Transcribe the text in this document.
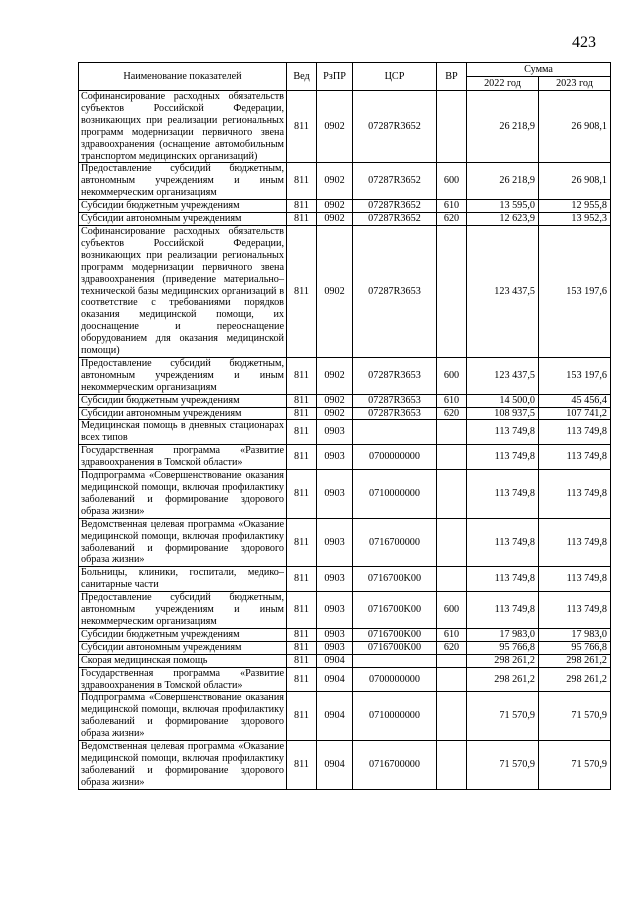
423
Наименование показателей	Вед	РзПР	ЦСР	ВР	Сумма	
					2022 год	2023 год
Софинансирование расходных обязательств субъектов Российской Федерации, возникающих при реализации региональных программ модернизации первичного звена здравоохранения (оснащение автомобильным транспортом медицинских организаций)	811	0902	07287R3652		26 218,9	26 908,1
Предоставление субсидий бюджетным, автономным учреждениям и иным некоммерческим организациям	811	0902	07287R3652	600	26 218,9	26 908,1
Субсидии бюджетным учреждениям	811	0902	07287R3652	610	13 595,0	12 955,8
Субсидии автономным учреждениям	811	0902	07287R3652	620	12 623,9	13 952,3
Софинансирование расходных обязательств субъектов Российской Федерации, возникающих при реализации региональных программ модернизации первичного звена здравоохранения (приведение материально–технической базы медицинских организаций в соответствие с требованиями порядков оказания медицинской помощи, их дооснащение и переоснащение оборудованием для оказания медицинской помощи)	811	0902	07287R3653		123 437,5	153 197,6
Предоставление субсидий бюджетным, автономным учреждениям и иным некоммерческим организациям	811	0902	07287R3653	600	123 437,5	153 197,6
Субсидии бюджетным учреждениям	811	0902	07287R3653	610	14 500,0	45 456,4
Субсидии автономным учреждениям	811	0902	07287R3653	620	108 937,5	107 741,2
Медицинская помощь в дневных стационарах всех типов	811	0903			113 749,8	113 749,8
Государственная программа «Развитие здравоохранения в Томской области»	811	0903	0700000000		113 749,8	113 749,8
Подпрограмма «Совершенствование оказания медицинской помощи, включая профилактику заболеваний и формирование здорового образа жизни»	811	0903	0710000000		113 749,8	113 749,8
Ведомственная целевая программа «Оказание медицинской помощи, включая профилактику заболеваний и формирование здорового образа жизни»	811	0903	0716700000		113 749,8	113 749,8
Больницы, клиники, госпитали, медико–санитарные части	811	0903	0716700K00		113 749,8	113 749,8
Предоставление субсидий бюджетным, автономным учреждениям и иным некоммерческим организациям	811	0903	0716700K00	600	113 749,8	113 749,8
Субсидии бюджетным учреждениям	811	0903	0716700K00	610	17 983,0	17 983,0
Субсидии автономным учреждениям	811	0903	0716700K00	620	95 766,8	95 766,8
Скорая медицинская помощь	811	0904			298 261,2	298 261,2
Государственная программа «Развитие здравоохранения в Томской области»	811	0904	0700000000		298 261,2	298 261,2
Подпрограмма «Совершенствование оказания медицинской помощи, включая профилактику заболеваний и формирование здорового образа жизни»	811	0904	0710000000		71 570,9	71 570,9
Ведомственная целевая программа «Оказание медицинской помощи, включая профилактику заболеваний и формирование здорового образа жизни»	811	0904	0716700000		71 570,9	71 570,9
